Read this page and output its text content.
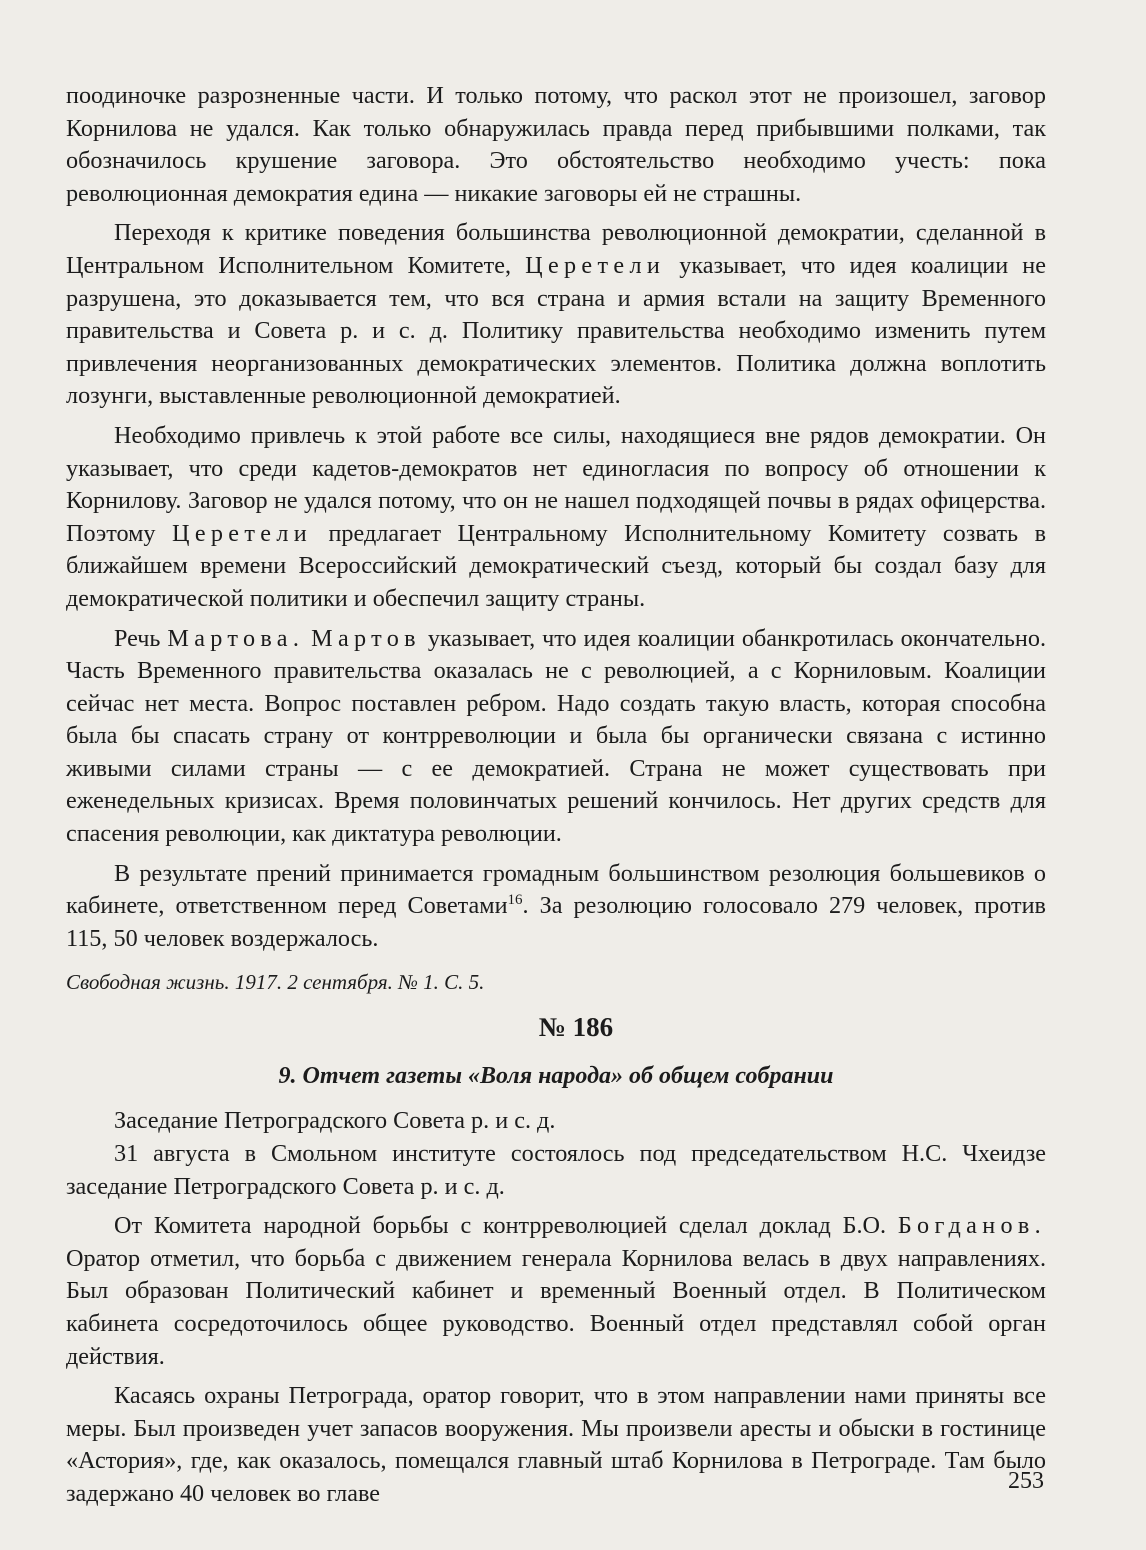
поодиночке разрозненные части. И только потому, что раскол этот не произошел, заговор Корнилова не удался. Как только обнаружилась правда перед прибывшими полками, так обозначилось крушение заговора. Это обстоятельство необходимо учесть: пока революционная демократия едина — никакие заговоры ей не страшны.

Переходя к критике поведения большинства революционной демократии, сделанной в Центральном Исполнительном Комитете, Церетели указывает, что идея коалиции не разрушена, это доказывается тем, что вся страна и армия встали на защиту Временного правительства и Совета р. и с. д. Политику правительства необходимо изменить путем привлечения неорганизованных демократических элементов. Политика должна воплотить лозунги, выставленные революционной демократией.

Необходимо привлечь к этой работе все силы, находящиеся вне рядов демократии. Он указывает, что среди кадетов-демократов нет единогласия по вопросу об отношении к Корнилову. Заговор не удался потому, что он не нашел подходящей почвы в рядах офицерства. Поэтому Церетели предлагает Центральному Исполнительному Комитету созвать в ближайшем времени Всероссийский демократический съезд, который бы создал базу для демократической политики и обеспечил защиту страны.

Речь Мартова. Мартов указывает, что идея коалиции обанкротилась окончательно. Часть Временного правительства оказалась не с революцией, а с Корниловым. Коалиции сейчас нет места. Вопрос поставлен ребром. Надо создать такую власть, которая способна была бы спасать страну от контрреволюции и была бы органически связана с истинно живыми силами страны — с ее демократией. Страна не может существовать при еженедельных кризисах. Время половинчатых решений кончилось. Нет других средств для спасения революции, как диктатура революции.

В результате прений принимается громадным большинством резолюция большевиков о кабинете, ответственном перед Советами$^{16}$. За резолюцию голосовало 279 человек, против 115, 50 человек воздержалось.

Свободная жизнь. 1917. 2 сентября. № 1. С. 5.

№ 186

9. Отчет газеты «Воля народа» об общем собрании

Заседание Петроградского Совета р. и с. д.

31 августа в Смольном институте состоялось под председательством Н.С. Чхеидзе заседание Петроградского Совета р. и с. д.

От Комитета народной борьбы с контрреволюцией сделал доклад Б.О. Богданов. Оратор отметил, что борьба с движением генерала Корнилова велась в двух направлениях. Был образован Политический кабинет и временный Военный отдел. В Политическом кабинета сосредоточилось общее руководство. Военный отдел представлял собой орган действия.

Касаясь охраны Петрограда, оратор говорит, что в этом направлении нами приняты все меры. Был произведен учет запасов вооружения. Мы произвели аресты и обыски в гостинице «Астория», где, как оказалось, помещался главный штаб Корнилова в Петрограде. Там было задержано 40 человек во главе	253
